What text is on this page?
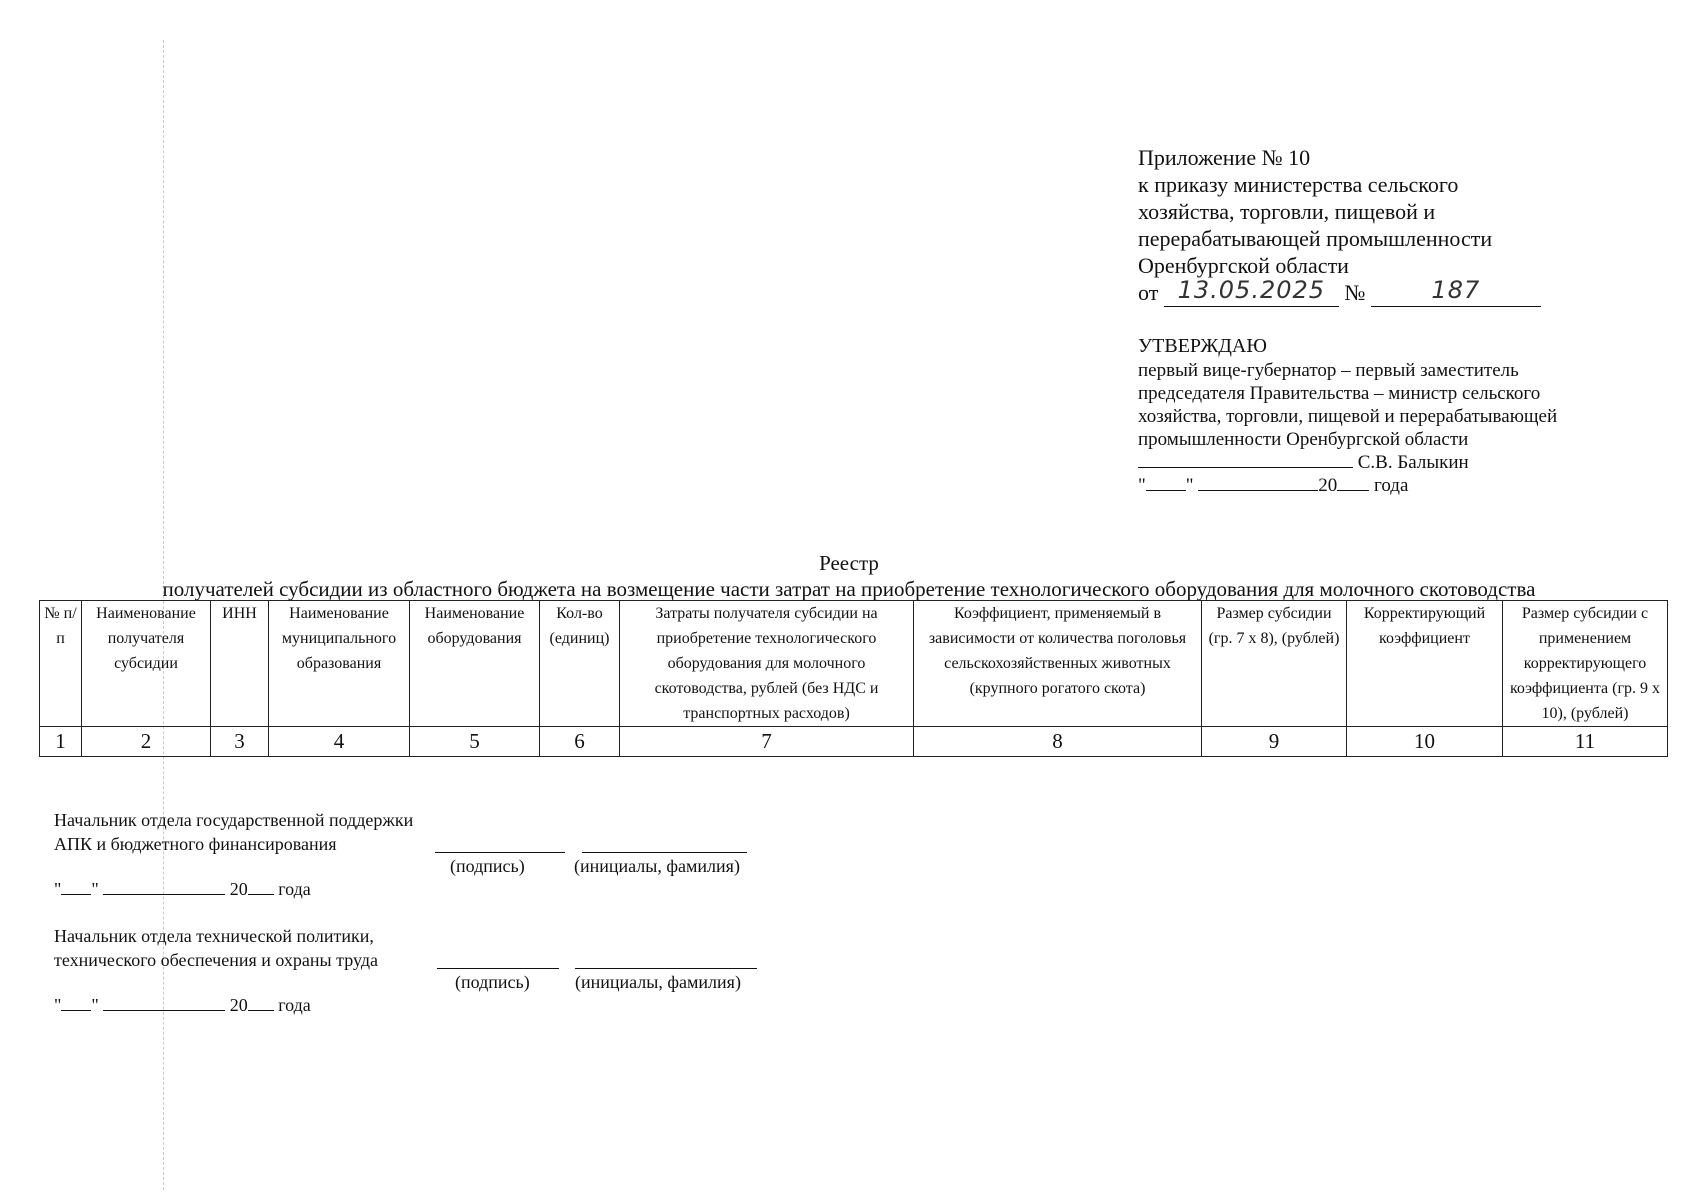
Приложение № 10
к приказу министерства сельского
хозяйства, торговли, пищевой и
перерабатывающей промышленности
Оренбургской области
от 13.05.2025 №	187
УТВЕРЖДАЮ
первый вице-губернатор – первый заместитель
председателя Правительства – министр сельского
хозяйства, торговли, пищевой и перерабатывающей
промышленности Оренбургской области
С.В. Балыкин
" "	20 года
Реестр
получателей субсидии из областного бюджета на возмещение части затрат на приобретение технологического оборудования для молочного скотоводства
№ п/п	Наименование получателя субсидии	ИНН	Наименование муниципального образования	Наименование оборудования	Кол-во (единиц)	Затраты получателя субсидии на приобретение технологического оборудования для молочного скотоводства, рублей (без НДС и транспортных расходов)	Коэффициент, применяемый в зависимости от количества поголовья сельскохозяйственных животных (крупного рогатого скота)	Размер субсидии (гр. 7 х 8), (рублей)	Корректирующий коэффициент	Размер субсидии с применением корректирующего коэффициента (гр. 9 х 10), (рублей)
1	2	3	4	5	6	7	8	9	10	11
Начальник отдела государственной поддержки
АПК и бюджетного финансирования
(подпись)	(инициалы, фамилия)
" "	20 года
Начальник отдела технической политики,
технического обеспечения и охраны труда
(подпись)	(инициалы, фамилия)
" "	20 года
